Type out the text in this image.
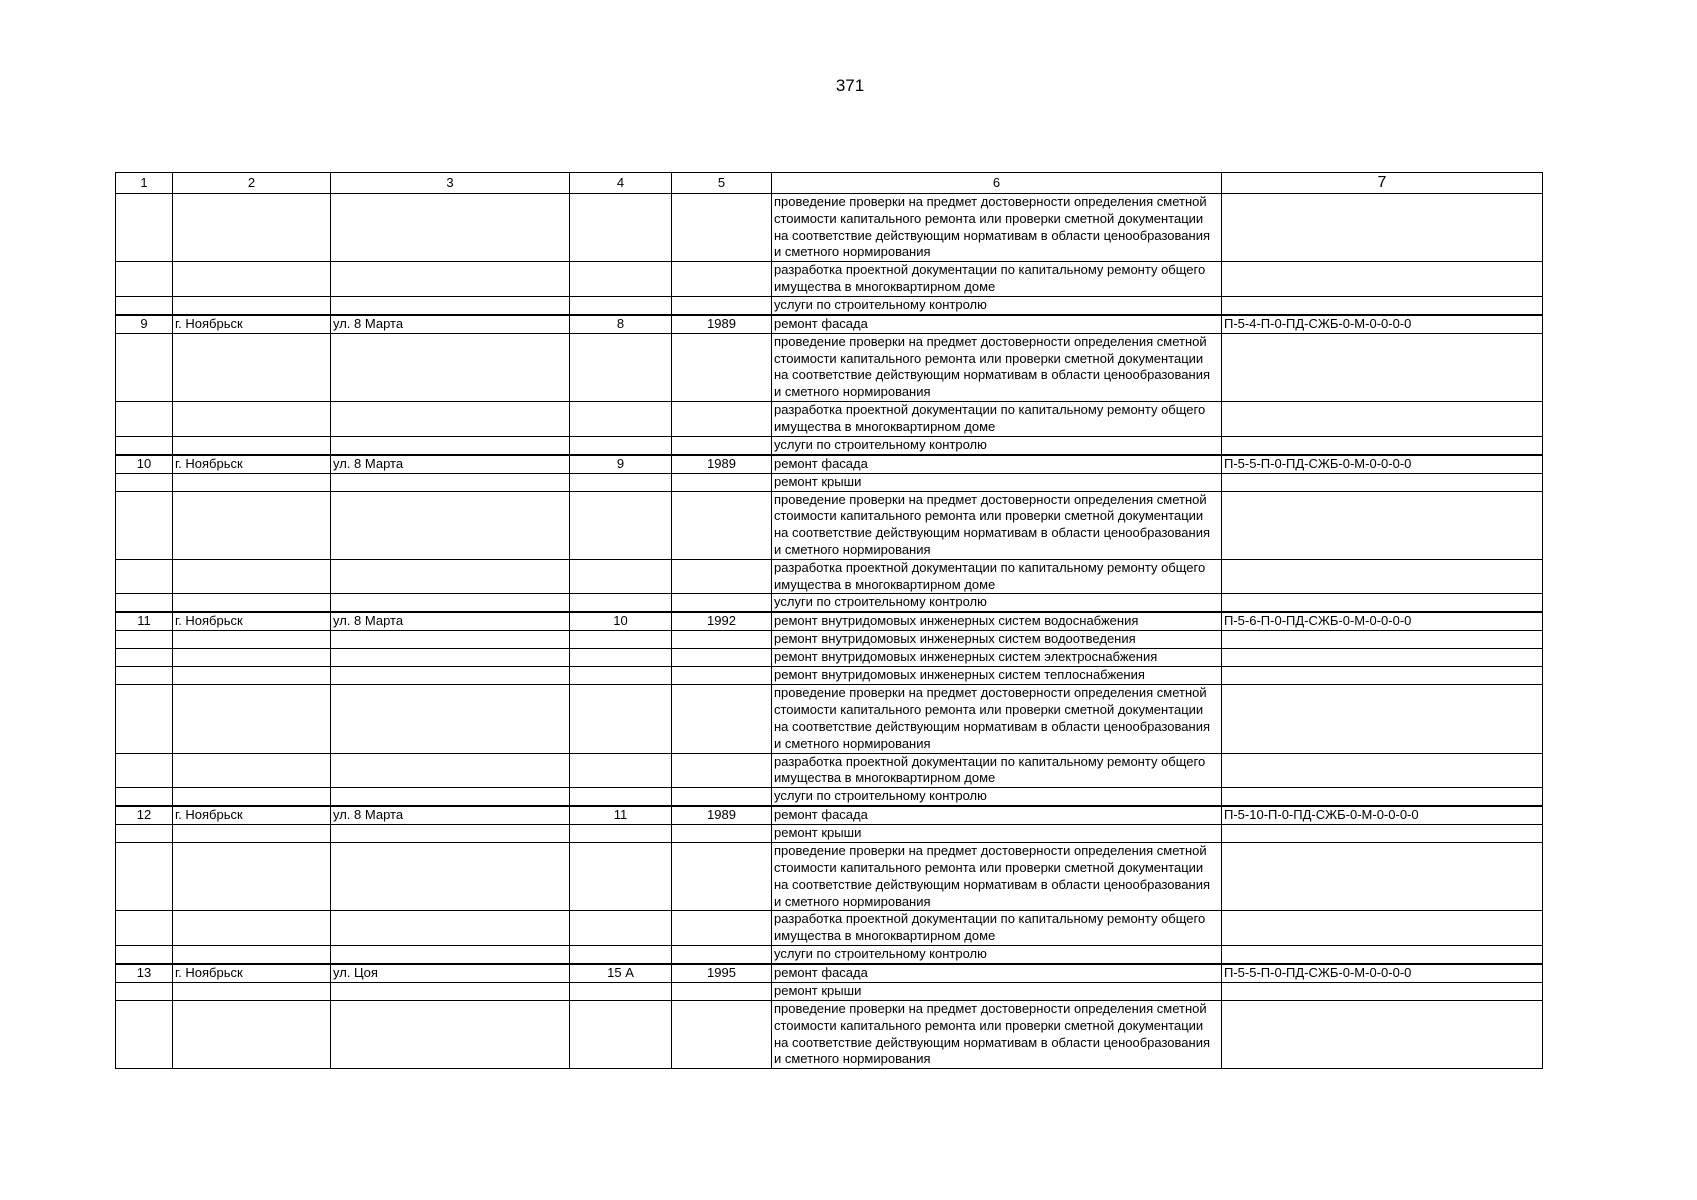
371
1	2	3	4	5	6	7
					проведение проверки на предмет достоверности определения сметной стоимости капитального ремонта или проверки сметной документации на соответствие действующим нормативам в области ценообразования и сметного нормирования	
					разработка проектной документации по капитальному ремонту общего имущества в многоквартирном доме	
					услуги по строительному контролю	
9	г. Ноябрьск	ул. 8 Марта	8	1989	ремонт фасада	П-5-4-П-0-ПД-СЖБ-0-М-0-0-0-0
					проведение проверки на предмет достоверности определения сметной стоимости капитального ремонта или проверки сметной документации на соответствие действующим нормативам в области ценообразования и сметного нормирования	
					разработка проектной документации по капитальному ремонту общего имущества в многоквартирном доме	
					услуги по строительному контролю	
10	г. Ноябрьск	ул. 8 Марта	9	1989	ремонт фасада	П-5-5-П-0-ПД-СЖБ-0-М-0-0-0-0
					ремонт крыши	
					проведение проверки на предмет достоверности определения сметной стоимости капитального ремонта или проверки сметной документации на соответствие действующим нормативам в области ценообразования и сметного нормирования	
					разработка проектной документации по капитальному ремонту общего имущества в многоквартирном доме	
					услуги по строительному контролю	
11	г. Ноябрьск	ул. 8 Марта	10	1992	ремонт внутридомовых инженерных систем водоснабжения	П-5-6-П-0-ПД-СЖБ-0-М-0-0-0-0
					ремонт внутридомовых инженерных систем водоотведения	
					ремонт внутридомовых инженерных систем электроснабжения	
					ремонт внутридомовых инженерных систем теплоснабжения	
					проведение проверки на предмет достоверности определения сметной стоимости капитального ремонта или проверки сметной документации на соответствие действующим нормативам в области ценообразования и сметного нормирования	
					разработка проектной документации по капитальному ремонту общего имущества в многоквартирном доме	
					услуги по строительному контролю	
12	г. Ноябрьск	ул. 8 Марта	11	1989	ремонт фасада	П-5-10-П-0-ПД-СЖБ-0-М-0-0-0-0
					ремонт крыши	
					проведение проверки на предмет достоверности определения сметной стоимости капитального ремонта или проверки сметной документации на соответствие действующим нормативам в области ценообразования и сметного нормирования	
					разработка проектной документации по капитальному ремонту общего имущества в многоквартирном доме	
					услуги по строительному контролю	
13	г. Ноябрьск	ул. Цоя	15 А	1995	ремонт фасада	П-5-5-П-0-ПД-СЖБ-0-М-0-0-0-0
					ремонт крыши	
					проведение проверки на предмет достоверности определения сметной стоимости капитального ремонта или проверки сметной документации на соответствие действующим нормативам в области ценообразования и сметного нормирования	
